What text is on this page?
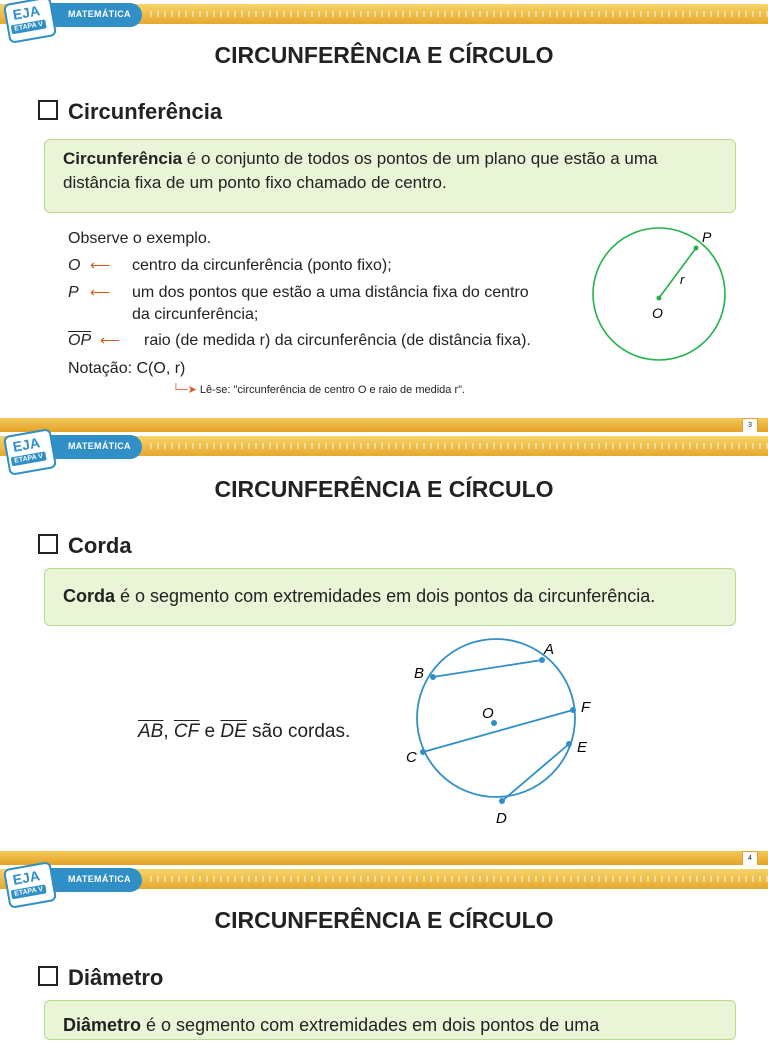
MATEMÁTICA
EJA
ETAPA V
CIRCUNFERÊNCIA E CÍRCULO
Circunferência
Circunferência é o conjunto de todos os pontos de um plano que estão a uma distância fixa de um ponto fixo chamado de centro.
Observe o exemplo.
O ⟵ centro da circunferência (ponto fixo);
P ⟵ um dos pontos que estão a uma distância fixa do centro
da circunferência;
$\overline{OP}$ ⟵ raio (de medida r) da circunferência (de distância fixa).
Notação: C(O, r)
└─➤ Lê-se: "circunferência de centro O e raio de medida r".
P
r
O
3
MATEMÁTICA
EJA
ETAPA V
CIRCUNFERÊNCIA E CÍRCULO
Corda
Corda é o segmento com extremidades em dois pontos da circunferência.
$\overline{AB}$, $\overline{CF}$ e $\overline{DE}$ são cordas.
A
B
C
D
E
F
O
4
MATEMÁTICA
EJA
ETAPA V
CIRCUNFERÊNCIA E CÍRCULO
Diâmetro
Diâmetro é o segmento com extremidades em dois pontos de uma
